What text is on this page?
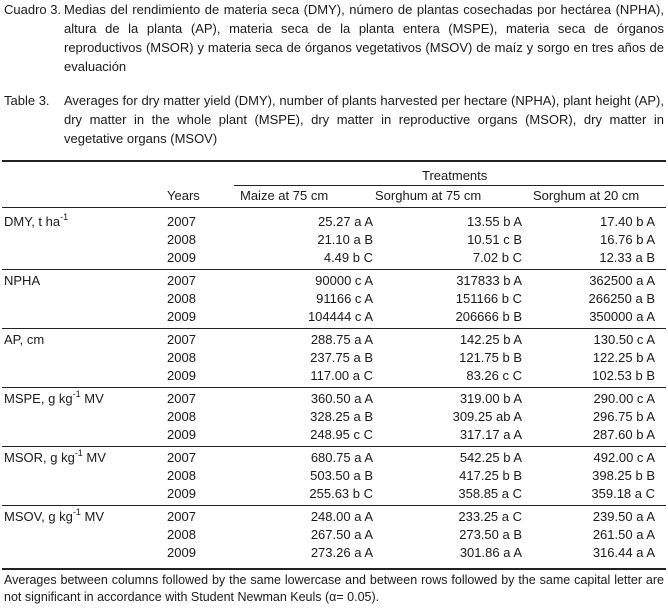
Cuadro 3. Medias del rendimiento de materia seca (DMY), número de plantas cosechadas por hectárea (NPHA), altura de la planta (AP), materia seca de la planta entera (MSPE), materia seca de órganos reproductivos (MSOR) y materia seca de órganos vegetativos (MSOV) de maíz y sorgo en tres años de evaluación
Table 3. Averages for dry matter yield (DMY), number of plants harvested per hectare (NPHA), plant height (AP), dry matter in the whole plant (MSPE), dry matter in reproductive organs (MSOR), dry matter in vegetative organs (MSOV)
Treatments
Years	Maize at 75 cm	Sorghum at 75 cm	Sorghum at 20 cm
DMY, t $ha^{-1}$	2007	25.27 a A	13.55 b A	17.40 b A
2008	21.10 a B	10.51 c B	16.76 b A
2009	4.49 b C	7.02 b C	12.33 a B
NPHA	2007	90000 c A	317833 b A	362500 a A
2008	91166 c A	151166 b C	266250 a B
2009	104444 c A	206666 b B	350000 a A
AP, cm	2007	288.75 a A	142.25 b A	130.50 c A
2008	237.75 a B	121.75 b B	122.25 b A
2009	117.00 a C	83.26 c C	102.53 b B
MSPE, g $kg^{-1}$ MV	2007	360.50 a A	319.00 b A	290.00 c A
2008	328.25 a B	309.25 ab A	296.75 b A
2009	248.95 c C	317.17 a A	287.60 b A
MSOR, g $kg^{-1}$ MV	2007	680.75 a A	542.25 b A	492.00 c A
2008	503.50 a B	417.25 b B	398.25 b B
2009	255.63 b C	358.85 a C	359.18 a C
MSOV, g $kg^{-1}$ MV	2007	248.00 a A	233.25 a C	239.50 a A
2008	267.50 a A	273.50 a B	261.50 a A
2009	273.26 a A	301.86 a A	316.44 a A
Averages between columns followed by the same lowercase and between rows followed by the same capital letter are not significant in accordance with Student Newman Keuls (α= 0.05).
